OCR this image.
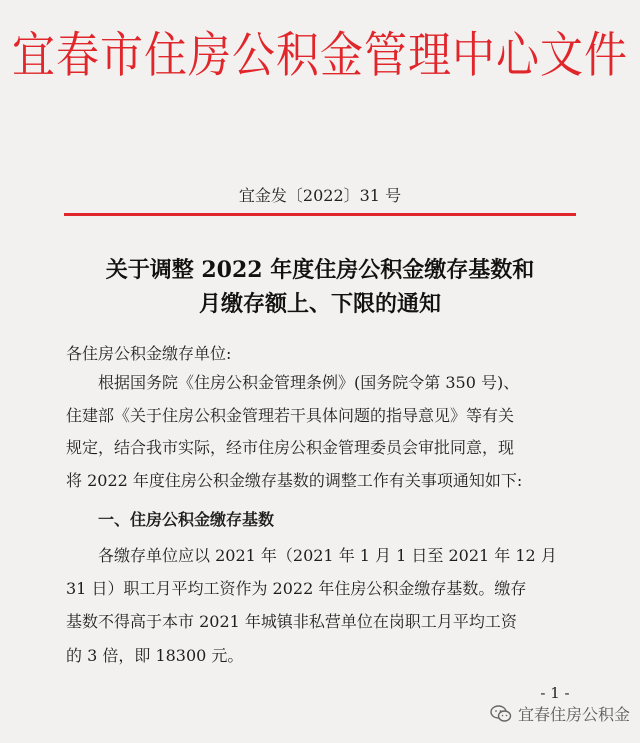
宜春市住房公积金管理中心文件
宜金发〔2022〕31 号
关于调整 2022 年度住房公积金缴存基数和
月缴存额上、下限的通知
各住房公积金缴存单位:
根据国务院《住房公积金管理条例》(国务院令第 350 号)、
住建部《关于住房公积金管理若干具体问题的指导意见》等有关
规定，结合我市实际，经市住房公积金管理委员会审批同意，现
将 2022 年度住房公积金缴存基数的调整工作有关事项通知如下:
一、住房公积金缴存基数
各缴存单位应以 2021 年（2021 年 1 月 1 日至 2021 年 12 月
31 日）职工月平均工资作为 2022 年住房公积金缴存基数。缴存
基数不得高于本市 2021 年城镇非私营单位在岗职工月平均工资
的 3 倍，即 18300 元。
- 1 -
宜春住房公积金
